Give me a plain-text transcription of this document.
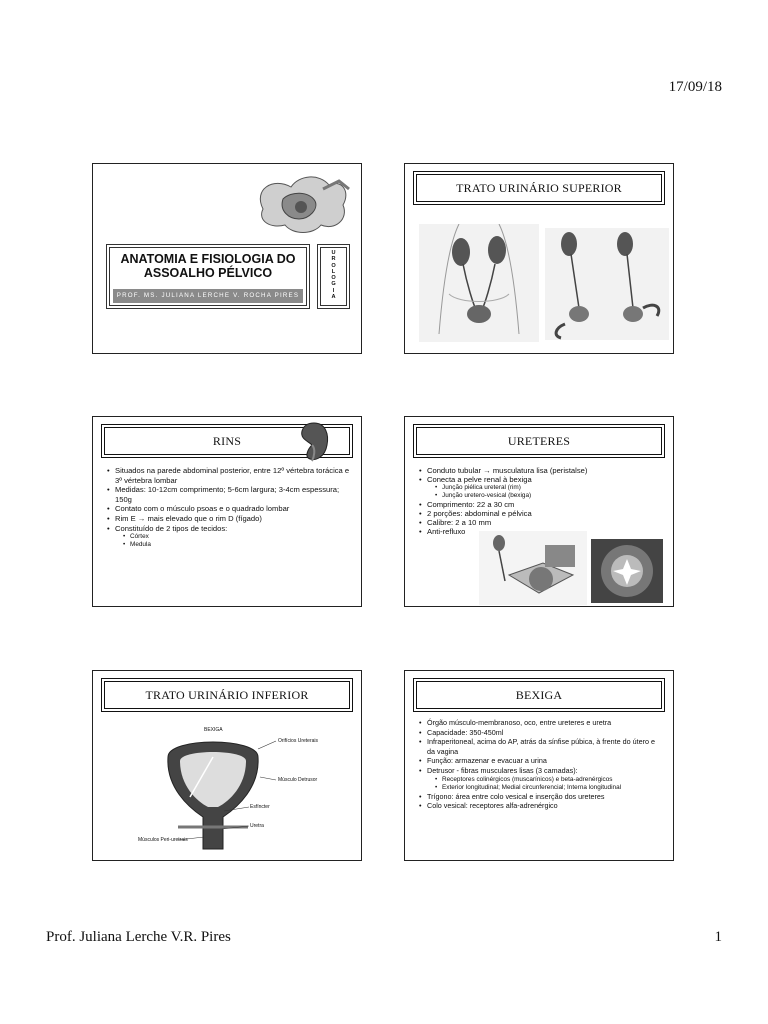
17/09/18
ANATOMIA E FISIOLOGIA DO ASSOALHO PÉLVICO
PROF. MS. JULIANA LERCHE V. ROCHA PIRES
U
R
O
L
O
G
I
A
TRATO URINÁRIO SUPERIOR
RINS
• Situados na parede abdominal posterior, entre 12º vértebra torácica e 3º vértebra lombar
• Medidas: 10-12cm comprimento; 5-6cm largura; 3-4cm espessura; 150g
• Contato com o músculo psoas e o quadrado lombar
• Rim E → mais elevado que o rim D (fígado)
• Constituído de 2 tipos de tecidos:
• Córtex
• Medula
URETERES
• Conduto tubular → musculatura lisa (peristalse)
• Conecta a pelve renal à bexiga
• Junção piélica ureteral (rim)
• Junção uretero-vesical (bexiga)
• Comprimento: 22 a 30 cm
• 2 porções: abdominal e pélvica
• Calibre: 2 a 10 mm
• Anti-refluxo
TRATO URINÁRIO INFERIOR
BEXIGA
Orifícios Ureterais
Músculo Detrusor
Esfíncter
Uretra
Músculos Peri-uretrais
BEXIGA
• Órgão músculo-membranoso, oco, entre ureteres e uretra
• Capacidade: 350-450ml
• Infraperitoneal, acima do AP, atrás da sínfise púbica, à frente do útero e da vagina
• Função: armazenar e evacuar a urina
• Detrusor - fibras musculares lisas (3 camadas):
• Receptores colinérgicos (muscarínicos) e beta-adrenérgicos
• Exterior longitudinal; Medial circunferencial; Interna longitudinal
• Trígono: área entre colo vesical e inserção dos ureteres
• Colo vesical: receptores alfa-adrenérgico
Prof. Juliana Lerche V.R. Pires	1
